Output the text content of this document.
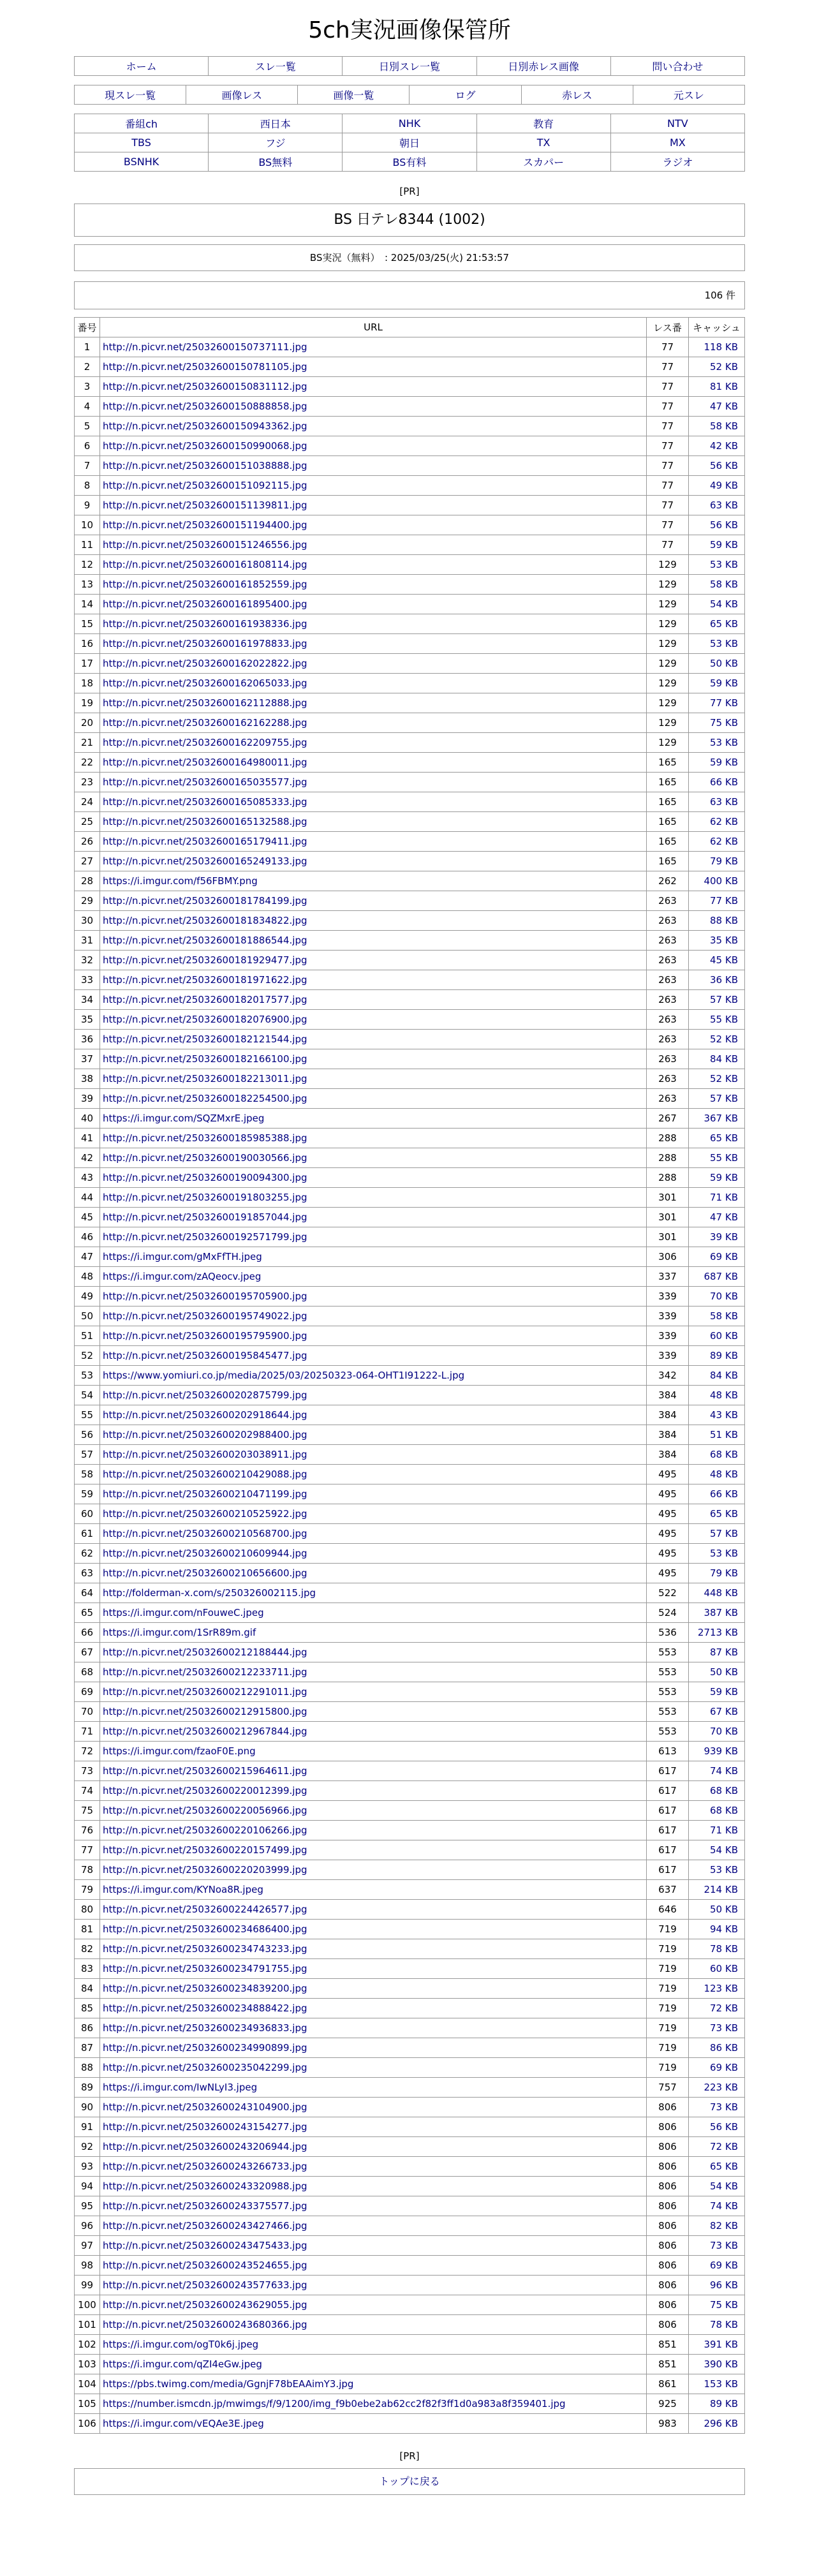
5ch実況画像保管所
ホーム	スレ一覧	日別スレ一覧	日別赤レス画像	問い合わせ
現スレ一覧	画像レス	画像一覧	ログ	赤レス	元スレ
番組ch	西日本	NHK	教育	NTV
TBS	フジ	朝日	TX	MX
BSNHK	BS無料	BS有料	スカパー	ラジオ
[PR]
BS 日テレ8344 (1002)
BS実況（無料）　: 2025/03/25(火) 21:53:57
106 件
番号	URL	レス番	キャッシュ
1	http://n.picvr.net/25032600150737111.jpg	77	118 KB
2	http://n.picvr.net/25032600150781105.jpg	77	52 KB
3	http://n.picvr.net/25032600150831112.jpg	77	81 KB
4	http://n.picvr.net/25032600150888858.jpg	77	47 KB
5	http://n.picvr.net/25032600150943362.jpg	77	58 KB
6	http://n.picvr.net/25032600150990068.jpg	77	42 KB
7	http://n.picvr.net/25032600151038888.jpg	77	56 KB
8	http://n.picvr.net/25032600151092115.jpg	77	49 KB
9	http://n.picvr.net/25032600151139811.jpg	77	63 KB
10	http://n.picvr.net/25032600151194400.jpg	77	56 KB
11	http://n.picvr.net/25032600151246556.jpg	77	59 KB
12	http://n.picvr.net/25032600161808114.jpg	129	53 KB
13	http://n.picvr.net/25032600161852559.jpg	129	58 KB
14	http://n.picvr.net/25032600161895400.jpg	129	54 KB
15	http://n.picvr.net/25032600161938336.jpg	129	65 KB
16	http://n.picvr.net/25032600161978833.jpg	129	53 KB
17	http://n.picvr.net/25032600162022822.jpg	129	50 KB
18	http://n.picvr.net/25032600162065033.jpg	129	59 KB
19	http://n.picvr.net/25032600162112888.jpg	129	77 KB
20	http://n.picvr.net/25032600162162288.jpg	129	75 KB
21	http://n.picvr.net/25032600162209755.jpg	129	53 KB
22	http://n.picvr.net/25032600164980011.jpg	165	59 KB
23	http://n.picvr.net/25032600165035577.jpg	165	66 KB
24	http://n.picvr.net/25032600165085333.jpg	165	63 KB
25	http://n.picvr.net/25032600165132588.jpg	165	62 KB
26	http://n.picvr.net/25032600165179411.jpg	165	62 KB
27	http://n.picvr.net/25032600165249133.jpg	165	79 KB
28	https://i.imgur.com/f56FBMY.png	262	400 KB
29	http://n.picvr.net/25032600181784199.jpg	263	77 KB
30	http://n.picvr.net/25032600181834822.jpg	263	88 KB
31	http://n.picvr.net/25032600181886544.jpg	263	35 KB
32	http://n.picvr.net/25032600181929477.jpg	263	45 KB
33	http://n.picvr.net/25032600181971622.jpg	263	36 KB
34	http://n.picvr.net/25032600182017577.jpg	263	57 KB
35	http://n.picvr.net/25032600182076900.jpg	263	55 KB
36	http://n.picvr.net/25032600182121544.jpg	263	52 KB
37	http://n.picvr.net/25032600182166100.jpg	263	84 KB
38	http://n.picvr.net/25032600182213011.jpg	263	52 KB
39	http://n.picvr.net/25032600182254500.jpg	263	57 KB
40	https://i.imgur.com/SQZMxrE.jpeg	267	367 KB
41	http://n.picvr.net/25032600185985388.jpg	288	65 KB
42	http://n.picvr.net/25032600190030566.jpg	288	55 KB
43	http://n.picvr.net/25032600190094300.jpg	288	59 KB
44	http://n.picvr.net/25032600191803255.jpg	301	71 KB
45	http://n.picvr.net/25032600191857044.jpg	301	47 KB
46	http://n.picvr.net/25032600192571799.jpg	301	39 KB
47	https://i.imgur.com/gMxFfTH.jpeg	306	69 KB
48	https://i.imgur.com/zAQeocv.jpeg	337	687 KB
49	http://n.picvr.net/25032600195705900.jpg	339	70 KB
50	http://n.picvr.net/25032600195749022.jpg	339	58 KB
51	http://n.picvr.net/25032600195795900.jpg	339	60 KB
52	http://n.picvr.net/25032600195845477.jpg	339	89 KB
53	https://www.yomiuri.co.jp/media/2025/03/20250323-064-OHT1I91222-L.jpg	342	84 KB
54	http://n.picvr.net/25032600202875799.jpg	384	48 KB
55	http://n.picvr.net/25032600202918644.jpg	384	43 KB
56	http://n.picvr.net/25032600202988400.jpg	384	51 KB
57	http://n.picvr.net/25032600203038911.jpg	384	68 KB
58	http://n.picvr.net/25032600210429088.jpg	495	48 KB
59	http://n.picvr.net/25032600210471199.jpg	495	66 KB
60	http://n.picvr.net/25032600210525922.jpg	495	65 KB
61	http://n.picvr.net/25032600210568700.jpg	495	57 KB
62	http://n.picvr.net/25032600210609944.jpg	495	53 KB
63	http://n.picvr.net/25032600210656600.jpg	495	79 KB
64	http://folderman-x.com/s/250326002115.jpg	522	448 KB
65	https://i.imgur.com/nFouweC.jpeg	524	387 KB
66	https://i.imgur.com/1SrR89m.gif	536	2713 KB
67	http://n.picvr.net/25032600212188444.jpg	553	87 KB
68	http://n.picvr.net/25032600212233711.jpg	553	50 KB
69	http://n.picvr.net/25032600212291011.jpg	553	59 KB
70	http://n.picvr.net/25032600212915800.jpg	553	67 KB
71	http://n.picvr.net/25032600212967844.jpg	553	70 KB
72	https://i.imgur.com/fzaoF0E.png	613	939 KB
73	http://n.picvr.net/25032600215964611.jpg	617	74 KB
74	http://n.picvr.net/25032600220012399.jpg	617	68 KB
75	http://n.picvr.net/25032600220056966.jpg	617	68 KB
76	http://n.picvr.net/25032600220106266.jpg	617	71 KB
77	http://n.picvr.net/25032600220157499.jpg	617	54 KB
78	http://n.picvr.net/25032600220203999.jpg	617	53 KB
79	https://i.imgur.com/KYNoa8R.jpeg	637	214 KB
80	http://n.picvr.net/25032600224426577.jpg	646	50 KB
81	http://n.picvr.net/25032600234686400.jpg	719	94 KB
82	http://n.picvr.net/25032600234743233.jpg	719	78 KB
83	http://n.picvr.net/25032600234791755.jpg	719	60 KB
84	http://n.picvr.net/25032600234839200.jpg	719	123 KB
85	http://n.picvr.net/25032600234888422.jpg	719	72 KB
86	http://n.picvr.net/25032600234936833.jpg	719	73 KB
87	http://n.picvr.net/25032600234990899.jpg	719	86 KB
88	http://n.picvr.net/25032600235042299.jpg	719	69 KB
89	https://i.imgur.com/IwNLyI3.jpeg	757	223 KB
90	http://n.picvr.net/25032600243104900.jpg	806	73 KB
91	http://n.picvr.net/25032600243154277.jpg	806	56 KB
92	http://n.picvr.net/25032600243206944.jpg	806	72 KB
93	http://n.picvr.net/25032600243266733.jpg	806	65 KB
94	http://n.picvr.net/25032600243320988.jpg	806	54 KB
95	http://n.picvr.net/25032600243375577.jpg	806	74 KB
96	http://n.picvr.net/25032600243427466.jpg	806	82 KB
97	http://n.picvr.net/25032600243475433.jpg	806	73 KB
98	http://n.picvr.net/25032600243524655.jpg	806	69 KB
99	http://n.picvr.net/25032600243577633.jpg	806	96 KB
100	http://n.picvr.net/25032600243629055.jpg	806	75 KB
101	http://n.picvr.net/25032600243680366.jpg	806	78 KB
102	https://i.imgur.com/ogT0k6j.jpeg	851	391 KB
103	https://i.imgur.com/qZI4eGw.jpeg	851	390 KB
104	https://pbs.twimg.com/media/GgnjF78bEAAimY3.jpg	861	153 KB
105	https://number.ismcdn.jp/mwimgs/f/9/1200/img_f9b0ebe2ab62cc2f82f3ff1d0a983a8f359401.jpg	925	89 KB
106	https://i.imgur.com/vEQAe3E.jpeg	983	296 KB
[PR]
トップに戻る
